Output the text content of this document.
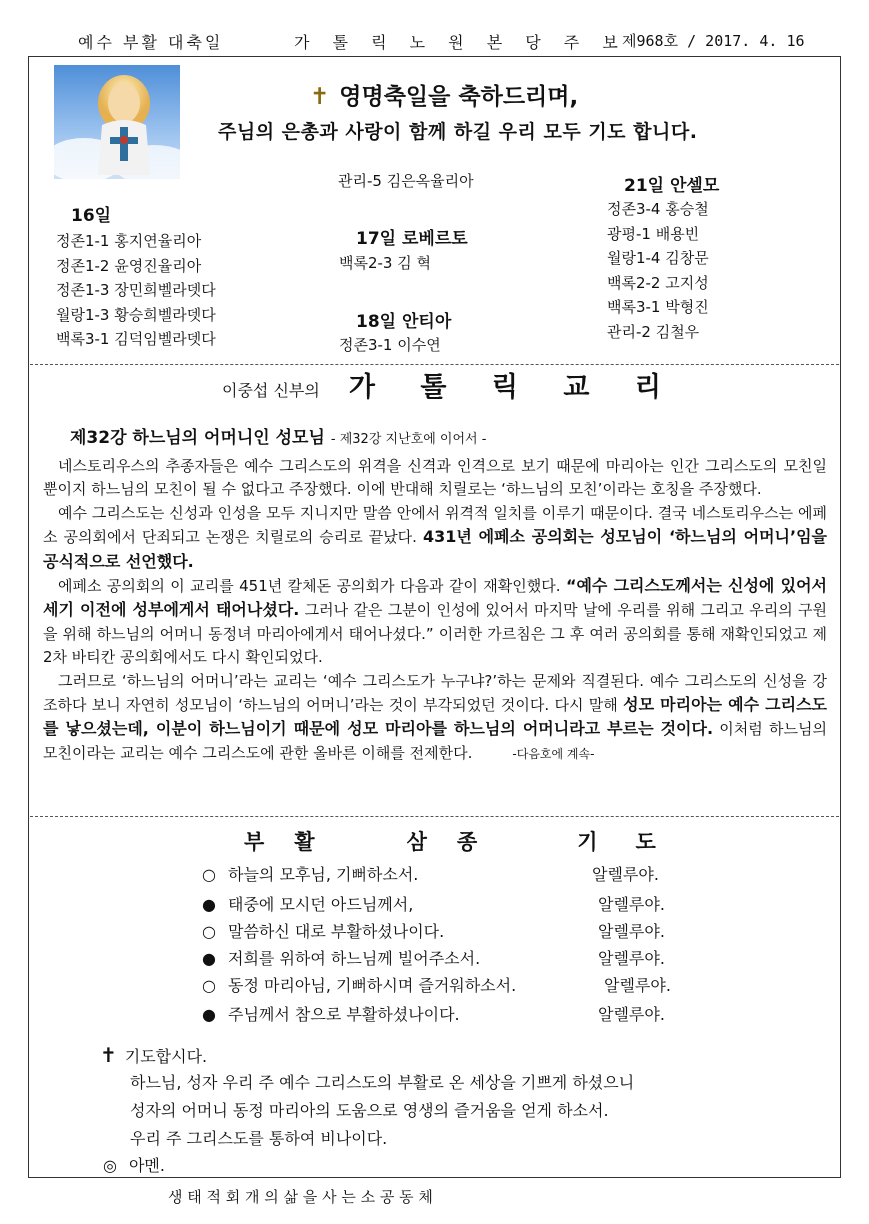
예수 부활 대축일	가 톨 릭 노 원 본 당 주 보
제968호 / 2017. 4. 16
✝ 영명축일을 축하드리며,
주님의 은총과 사랑이 함께 하길 우리 모두 기도 합니다.
16일
정존1-1 홍지연율리아
정존1-2 윤영진율리아
정존1-3 장민희벨라뎃다
월랑1-3 황승희벨라뎃다
백록3-1 김덕임벨라뎃다
관리-5 김은옥율리아
17일 로베르토
백록2-3 김 혁
18일 안티아
정존3-1 이수연
21일 안셀모
정존3-4 홍승철
광평-1 배용빈
월랑1-4 김창문
백록2-2 고지성
백록3-1 박형진
관리-2 김철우
이중섭 신부의 가 톨 릭 교 리
제32강 하느님의 어머니인 성모님 - 제32강 지난호에 이어서 -

네스토리우스의 추종자들은 예수 그리스도의 위격을 신격과 인격으로 보기 때문에 마리아는 인간 그리스도의 모친일 뿐이지 하느님의 모친이 될 수 없다고 주장했다. 이에 반대해 치릴로는 ‘하느님의 모친’이라는 호칭을 주장했다.

예수 그리스도는 신성과 인성을 모두 지니지만 말씀 안에서 위격적 일치를 이루기 때문이다. 결국 네스토리우스는 에페소 공의회에서 단죄되고 논쟁은 치릴로의 승리로 끝났다. 431년 에페소 공의회는 성모님이 ‘하느님의 어머니’임을 공식적으로 선언했다.

에페소 공의회의 이 교리를 451년 칼체돈 공의회가 다음과 같이 재확인했다. “예수 그리스도께서는 신성에 있어서 세기 이전에 성부에게서 태어나셨다. 그러나 같은 그분이 인성에 있어서 마지막 날에 우리를 위해 그리고 우리의 구원을 위해 하느님의 어머니 동정녀 마리아에게서 태어나셨다.” 이러한 가르침은 그 후 여러 공의회를 통해 재확인되었고 제2차 바티칸 공의회에서도 다시 확인되었다.

그러므로 ‘하느님의 어머니’라는 교리는 ‘예수 그리스도가 누구냐?’하는 문제와 직결된다. 예수 그리스도의 신성을 강조하다 보니 자연히 성모님이 ‘하느님의 어머니’라는 것이 부각되었던 것이다. 다시 말해 성모 마리아는 예수 그리스도를 낳으셨는데, 이분이 하느님이기 때문에 성모 마리아를 하느님의 어머니라고 부르는 것이다. 이처럼 하느님의 모친이라는 교리는 예수 그리스도에 관한 올바른 이해를 전제한다.	-다음호에 계속-

부 활	삼 종	기 도
○ 하늘의 모후님, 기뻐하소서.	알렐루야.
● 태중에 모시던 아드님께서,	알렐루야.
○ 말씀하신 대로 부활하셨나이다.	알렐루야.
● 저희를 위하여 하느님께 빌어주소서.	알렐루야.
○ 동정 마리아님, 기뻐하시며 즐거워하소서.	알렐루야.
● 주님께서 참으로 부활하셨나이다.	알렐루야.
✝ 기도합시다.
하느님, 성자 우리 주 예수 그리스도의 부활로 온 세상을 기쁘게 하셨으니
성자의 어머니 동정 마리아의 도움으로 영생의 즐거움을 얻게 하소서.
우리 주 그리스도를 통하여 비나이다.
◎ 아멘.
생 태 적 회 개 의 삶 을 사 는 소 공 동 체
